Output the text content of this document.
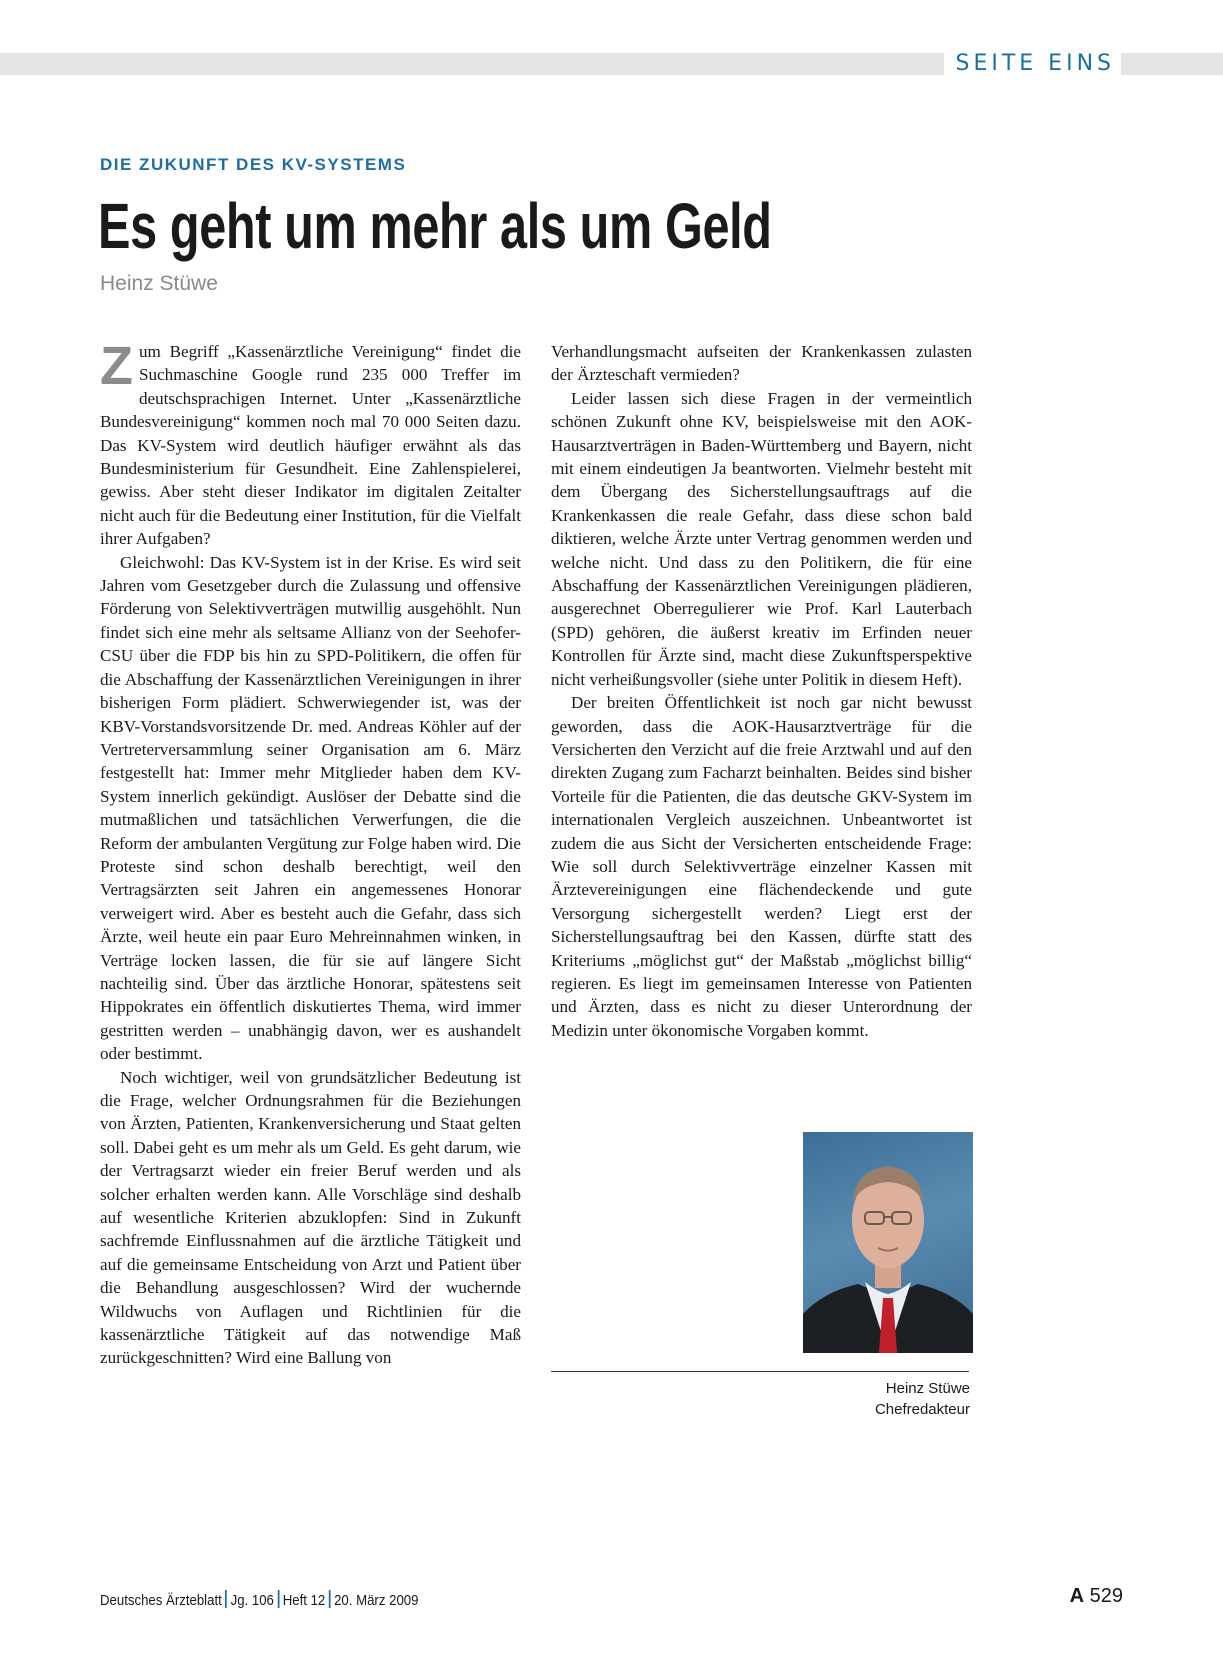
SEITE EINS
DIE ZUKUNFT DES KV-SYSTEMS
Es geht um mehr als um Geld
Heinz Stüwe

Zum Begriff „Kassenärztliche Vereinigung“ findet die Suchmaschine Google rund 235 000 Treffer im deutschsprachigen Internet. Unter „Kassenärztliche Bundesvereinigung“ kommen noch mal 70 000 Seiten dazu. Das KV-System wird deutlich häufiger erwähnt als das Bundesministerium für Gesundheit. Eine Zahlenspielerei, gewiss. Aber steht dieser Indikator im digitalen Zeitalter nicht auch für die Bedeutung einer Institution, für die Vielfalt ihrer Aufgaben?

Gleichwohl: Das KV-System ist in der Krise. Es wird seit Jahren vom Gesetzgeber durch die Zulassung und offensive Förderung von Selektivverträgen mutwillig ausgehöhlt. Nun findet sich eine mehr als seltsame Allianz von der Seehofer-CSU über die FDP bis hin zu SPD-Politikern, die offen für die Abschaffung der Kassenärztlichen Vereinigungen in ihrer bisherigen Form plädiert. Schwerwiegender ist, was der KBV-Vorstandsvorsitzende Dr. med. Andreas Köhler auf der Vertreterversammlung seiner Organisation am 6. März festgestellt hat: Immer mehr Mitglieder haben dem KV-System innerlich gekündigt. Auslöser der Debatte sind die mutmaßlichen und tatsächlichen Verwerfungen, die die Reform der ambulanten Vergütung zur Folge haben wird. Die Proteste sind schon deshalb berechtigt, weil den Vertragsärzten seit Jahren ein angemessenes Honorar verweigert wird. Aber es besteht auch die Gefahr, dass sich Ärzte, weil heute ein paar Euro Mehreinnahmen winken, in Verträge locken lassen, die für sie auf längere Sicht nachteilig sind. Über das ärztliche Honorar, spätestens seit Hippokrates ein öffentlich diskutiertes Thema, wird immer gestritten werden – unabhängig davon, wer es aushandelt oder bestimmt.

Noch wichtiger, weil von grundsätzlicher Bedeutung ist die Frage, welcher Ordnungsrahmen für die Beziehungen von Ärzten, Patienten, Krankenversicherung und Staat gelten soll. Dabei geht es um mehr als um Geld. Es geht darum, wie der Vertragsarzt wieder ein freier Beruf werden und als solcher erhalten werden kann. Alle Vorschläge sind deshalb auf wesentliche Kriterien abzuklopfen: Sind in Zukunft sachfremde Einflussnahmen auf die ärztliche Tätigkeit und auf die gemeinsame Entscheidung von Arzt und Patient über die Behandlung ausgeschlossen? Wird der wuchernde Wildwuchs von Auflagen und Richtlinien für die kassenärztliche Tätigkeit auf das notwendige Maß zurückgeschnitten? Wird eine Ballung von

Verhandlungsmacht aufseiten der Krankenkassen zulasten der Ärzteschaft vermieden?

Leider lassen sich diese Fragen in der vermeintlich schönen Zukunft ohne KV, beispielsweise mit den AOK-Hausarztverträgen in Baden-Württemberg und Bayern, nicht mit einem eindeutigen Ja beantworten. Vielmehr besteht mit dem Übergang des Sicherstellungsauftrags auf die Krankenkassen die reale Gefahr, dass diese schon bald diktieren, welche Ärzte unter Vertrag genommen werden und welche nicht. Und dass zu den Politikern, die für eine Abschaffung der Kassenärztlichen Vereinigungen plädieren, ausgerechnet Oberregulierer wie Prof. Karl Lauterbach (SPD) gehören, die äußerst kreativ im Erfinden neuer Kontrollen für Ärzte sind, macht diese Zukunftsperspektive nicht verheißungsvoller (siehe unter Politik in diesem Heft).

Der breiten Öffentlichkeit ist noch gar nicht bewusst geworden, dass die AOK-Hausarztverträge für die Versicherten den Verzicht auf die freie Arztwahl und auf den direkten Zugang zum Facharzt beinhalten. Beides sind bisher Vorteile für die Patienten, die das deutsche GKV-System im internationalen Vergleich auszeichnen. Unbeantwortet ist zudem die aus Sicht der Versicherten entscheidende Frage: Wie soll durch Selektivverträge einzelner Kassen mit Ärztevereinigungen eine flächendeckende und gute Versorgung sichergestellt werden? Liegt erst der Sicherstellungsauftrag bei den Kassen, dürfte statt des Kriteriums „möglichst gut“ der Maßstab „möglichst billig“ regieren. Es liegt im gemeinsamen Interesse von Patienten und Ärzten, dass es nicht zu dieser Unterordnung der Medizin unter ökonomische Vorgaben kommt.

Heinz Stüwe
Chefredakteur
Deutsches Ärzteblatt Jg. 106 Heft 12 20. März 2009	A 529
